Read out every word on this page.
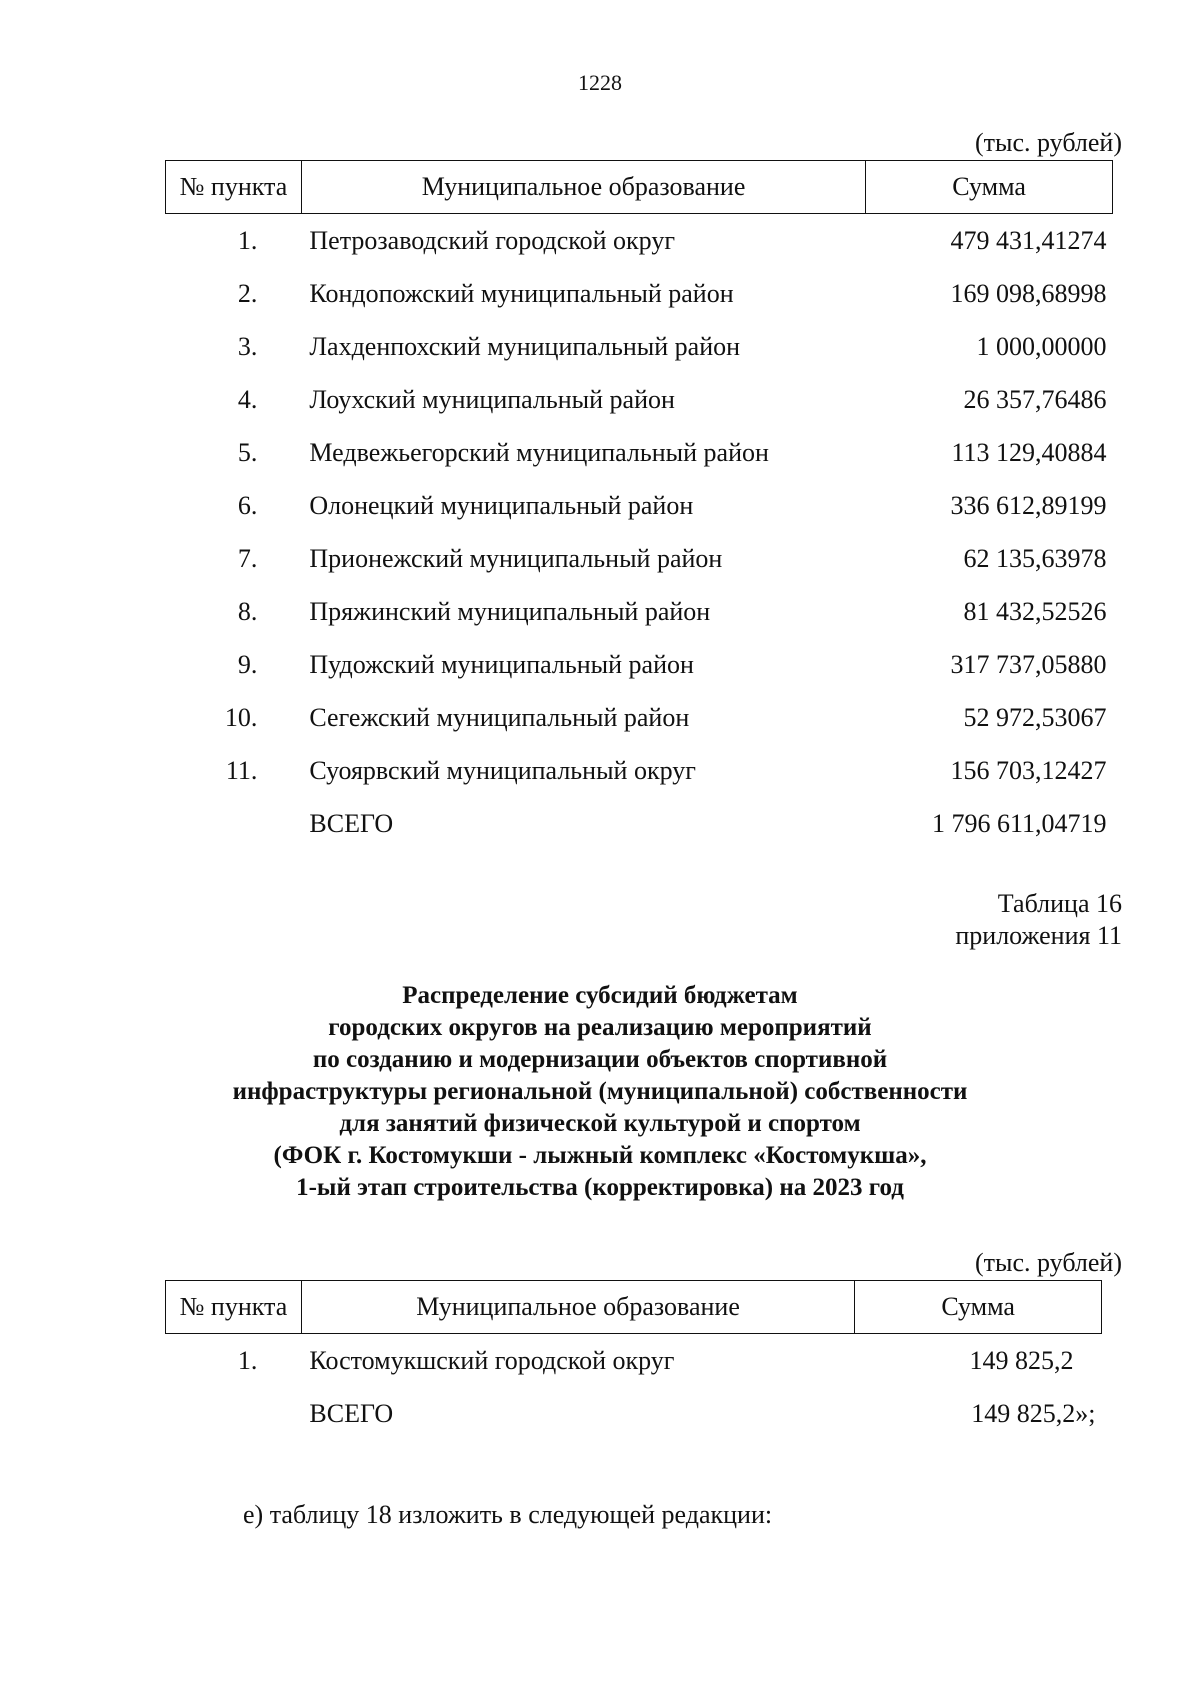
1228
(тыс. рублей)
№ пункта	Муниципальное образование	Сумма
1.	Петрозаводский городской округ	479 431,41274
2.	Кондопожский муниципальный район	169 098,68998
3.	Лахденпохский муниципальный район	1 000,00000
4.	Лоухский муниципальный район	26 357,76486
5.	Медвежьегорский муниципальный район	113 129,40884
6.	Олонецкий муниципальный район	336 612,89199
7.	Прионежский муниципальный район	62 135,63978
8.	Пряжинский муниципальный район	81 432,52526
9.	Пудожский муниципальный район	317 737,05880
10.	Сегежский муниципальный район	52 972,53067
11.	Суоярвский муниципальный округ	156 703,12427
	ВСЕГО	1 796 611,04719
Таблица 16
приложения 11
Распределение субсидий бюджетам
городских округов на реализацию мероприятий
по созданию и модернизации объектов спортивной
инфраструктуры региональной (муниципальной) собственности
для занятий физической культурой и спортом
(ФОК г. Костомукши - лыжный комплекс «Костомукша»,
1-ый этап строительства (корректировка) на 2023 год
(тыс. рублей)
№ пункта	Муниципальное образование	Сумма
1.	Костомукшский городской округ	149 825,2
	ВСЕГО	149 825,2»;
е) таблицу 18 изложить в следующей редакции:
